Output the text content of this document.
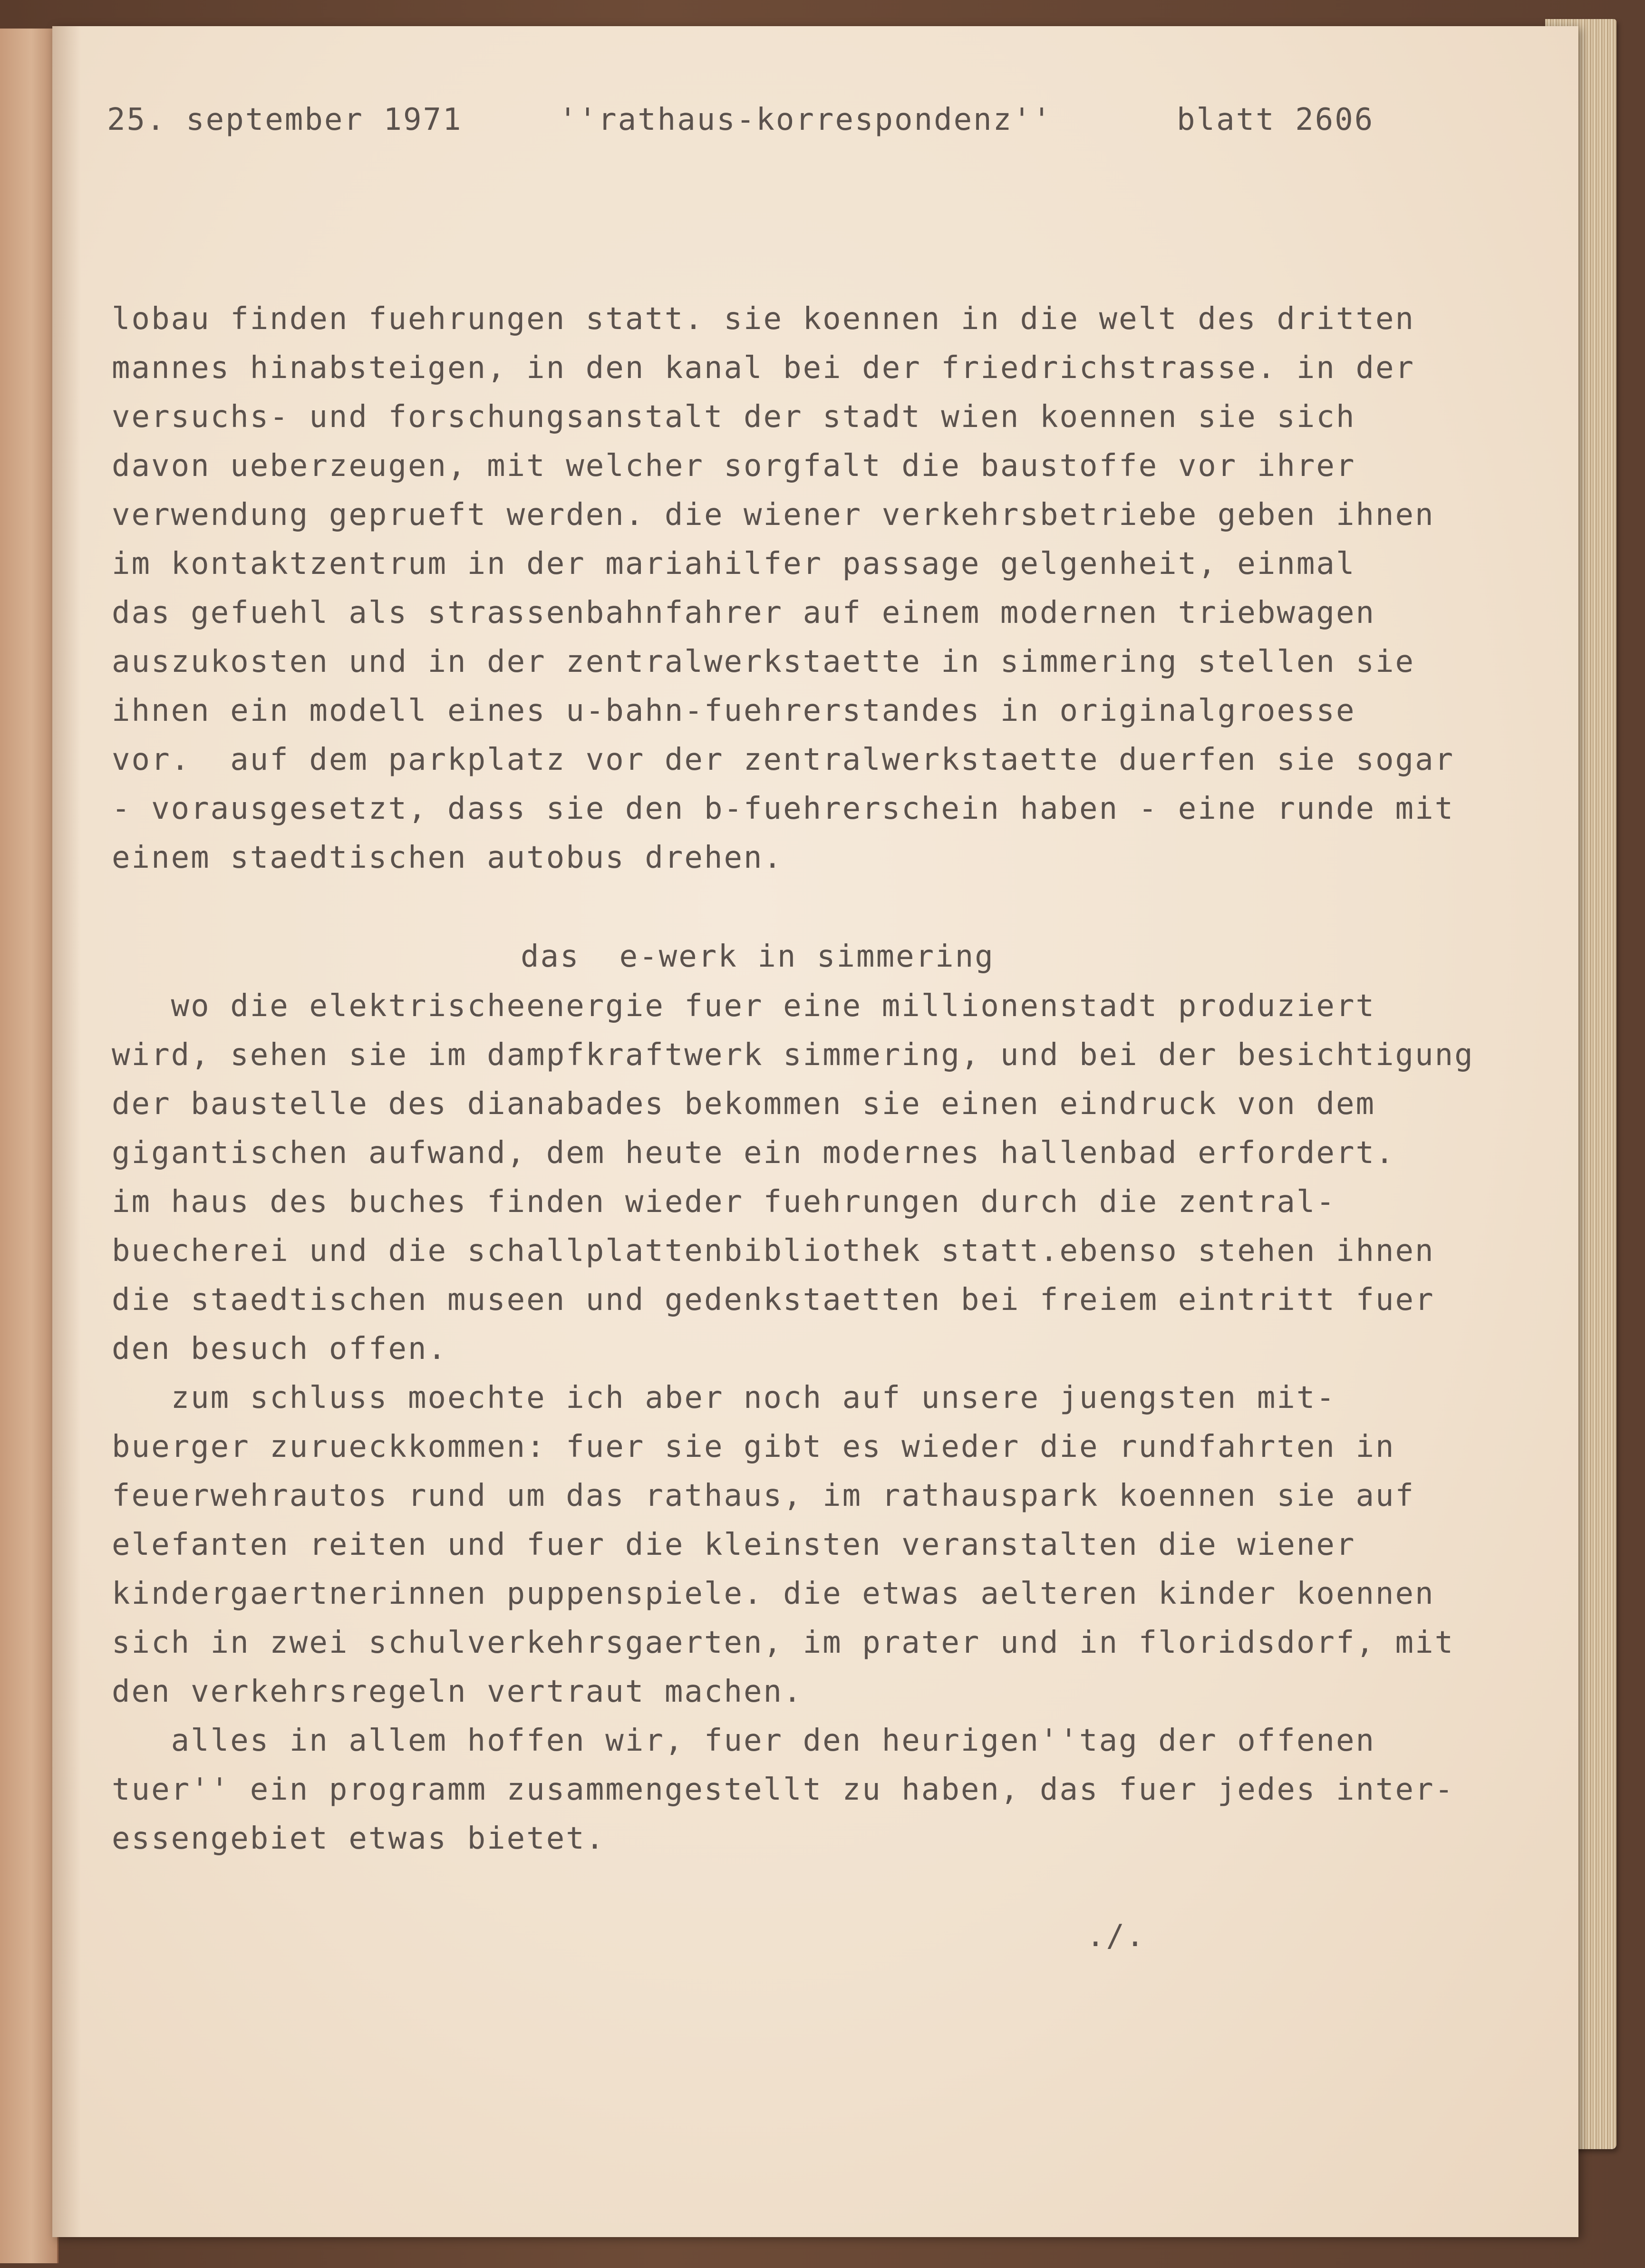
25. september 1971	''rathaus-korrespondenz''	blatt 2606
lobau finden fuehrungen statt. sie koennen in die welt des dritten
mannes hinabsteigen, in den kanal bei der friedrichstrasse. in der
versuchs- und forschungsanstalt der stadt wien koennen sie sich
davon ueberzeugen, mit welcher sorgfalt die baustoffe vor ihrer
verwendung geprueft werden. die wiener verkehrsbetriebe geben ihnen
im kontaktzentrum in der mariahilfer passage gelgenheit, einmal
das gefuehl als strassenbahnfahrer auf einem modernen triebwagen
auszukosten und in der zentralwerkstaette in simmering stellen sie
ihnen ein modell eines u-bahn-fuehrerstandes in originalgroesse
vor.  auf dem parkplatz vor der zentralwerkstaette duerfen sie sogar
- vorausgesetzt, dass sie den b-fuehrerschein haben - eine runde mit
einem staedtischen autobus drehen.
das  e-werk in simmering
wo die elektrischeenergie fuer eine millionenstadt produziert
wird, sehen sie im dampfkraftwerk simmering, und bei der besichtigung
der baustelle des dianabades bekommen sie einen eindruck von dem
gigantischen aufwand, dem heute ein modernes hallenbad erfordert.
im haus des buches finden wieder fuehrungen durch die zentral-
buecherei und die schallplattenbibliothek statt.ebenso stehen ihnen
die staedtischen museen und gedenkstaetten bei freiem eintritt fuer
den besuch offen.
zum schluss moechte ich aber noch auf unsere juengsten mit-
buerger zurueckkommen: fuer sie gibt es wieder die rundfahrten in
feuerwehrautos rund um das rathaus, im rathauspark koennen sie auf
elefanten reiten und fuer die kleinsten veranstalten die wiener
kindergaertnerinnen puppenspiele. die etwas aelteren kinder koennen
sich in zwei schulverkehrsgaerten, im prater und in floridsdorf, mit
den verkehrsregeln vertraut machen.
alles in allem hoffen wir, fuer den heurigen''tag der offenen
tuer'' ein programm zusammengestellt zu haben, das fuer jedes inter-
essengebiet etwas bietet.
./.
